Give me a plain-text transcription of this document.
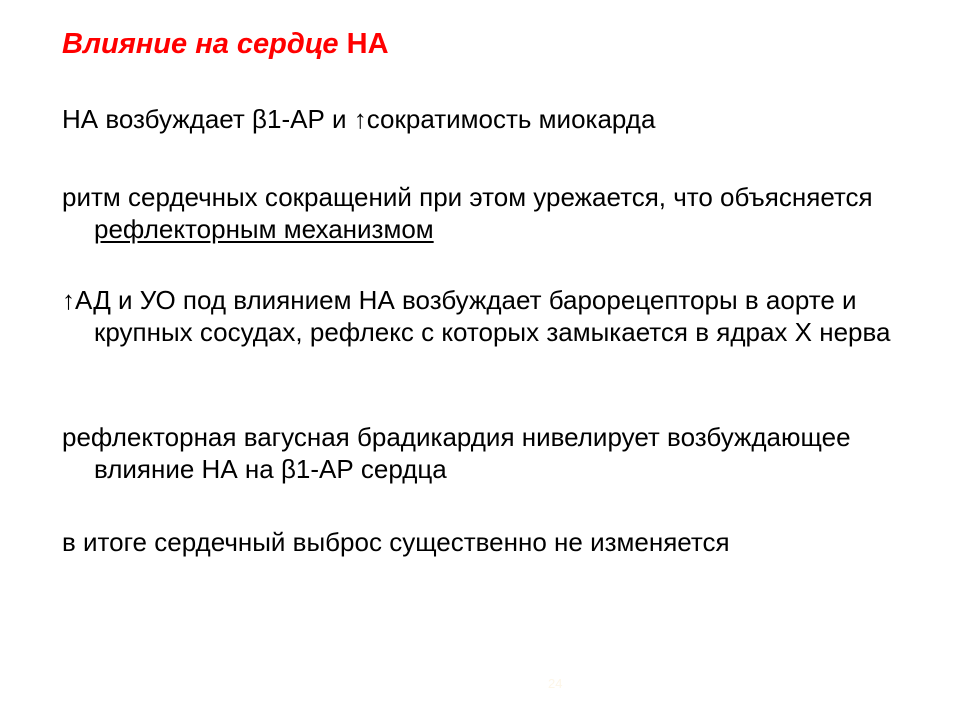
Влияние на сердце НА

НА возбуждает β1-АР и ↑сократимость миокарда

ритм сердечных сокращений при этом урежается, что объясняется рефлекторным механизмом

↑АД и УО под влиянием НА возбуждает барорецепторы в аорте и крупных сосудах, рефлекс с которых замыкается в ядрах Х нерва

рефлекторная вагусная брадикардия нивелирует возбуждающее влияние НА на β1-АР сердца

в итоге сердечный выброс существенно не изменяется

24
